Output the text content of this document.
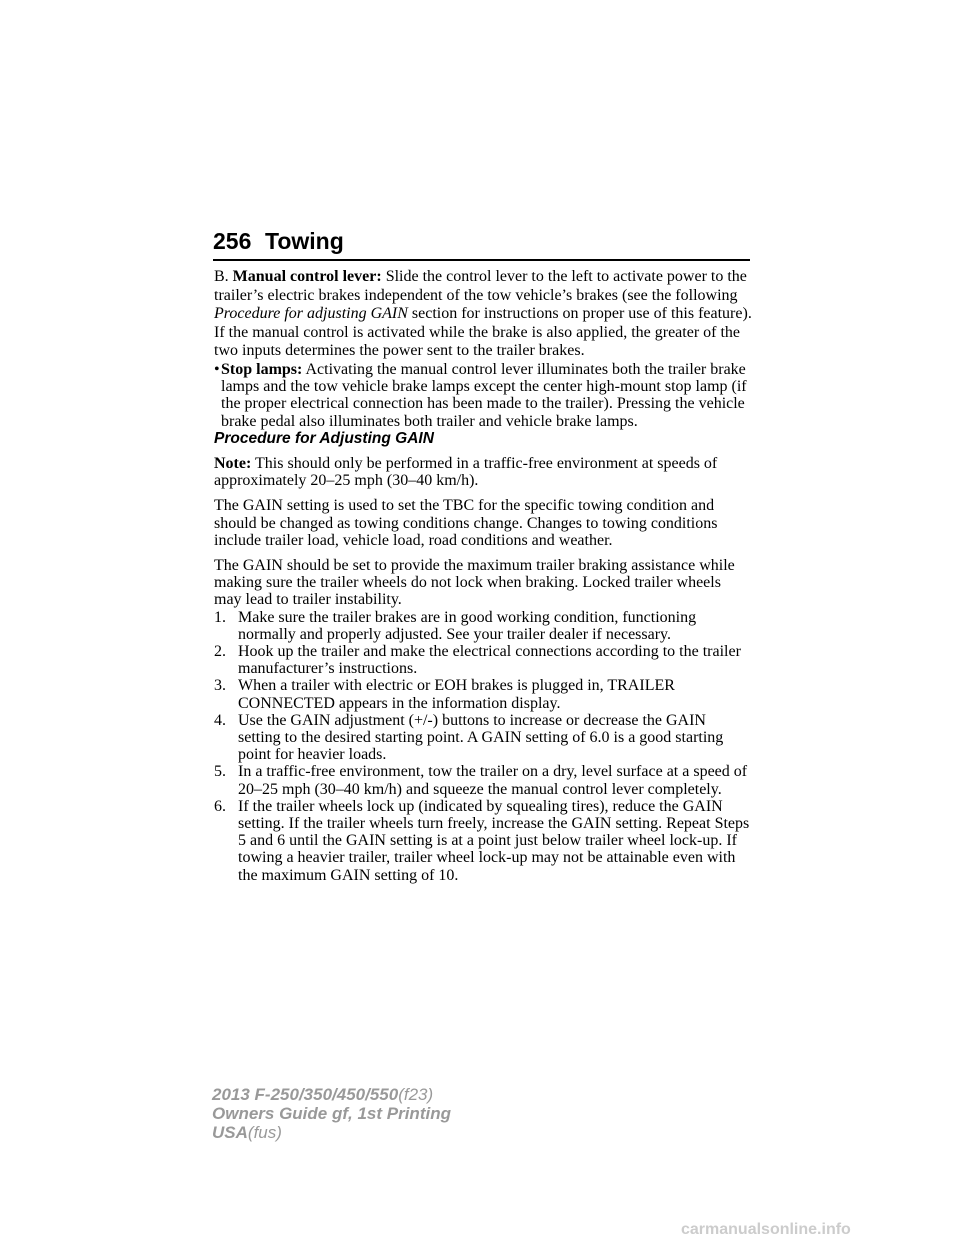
256 Towing

B. Manual control lever: Slide the control lever to the left to activate power to the trailer’s electric brakes independent of the tow vehicle’s brakes (see the following Procedure for adjusting GAIN section for instructions on proper use of this feature). If the manual control is activated while the brake is also applied, the greater of the two inputs determines the power sent to the trailer brakes.

• Stop lamps: Activating the manual control lever illuminates both the trailer brake lamps and the tow vehicle brake lamps except the center high-mount stop lamp (if the proper electrical connection has been made to the trailer). Pressing the vehicle brake pedal also illuminates both trailer and vehicle brake lamps.

Procedure for Adjusting GAIN

Note: This should only be performed in a traffic-free environment at speeds of approximately 20–25 mph (30–40 km/h).

The GAIN setting is used to set the TBC for the specific towing condition and should be changed as towing conditions change. Changes to towing conditions include trailer load, vehicle load, road conditions and weather.

The GAIN should be set to provide the maximum trailer braking assistance while making sure the trailer wheels do not lock when braking. Locked trailer wheels may lead to trailer instability.

1. Make sure the trailer brakes are in good working condition, functioning normally and properly adjusted. See your trailer dealer if necessary.
2. Hook up the trailer and make the electrical connections according to the trailer manufacturer’s instructions.
3. When a trailer with electric or EOH brakes is plugged in, TRAILER CONNECTED appears in the information display.
4. Use the GAIN adjustment (+/-) buttons to increase or decrease the GAIN setting to the desired starting point. A GAIN setting of 6.0 is a good starting point for heavier loads.
5. In a traffic-free environment, tow the trailer on a dry, level surface at a speed of 20–25 mph (30–40 km/h) and squeeze the manual control lever completely.
6. If the trailer wheels lock up (indicated by squealing tires), reduce the GAIN setting. If the trailer wheels turn freely, increase the GAIN setting. Repeat Steps 5 and 6 until the GAIN setting is at a point just below trailer wheel lock-up. If towing a heavier trailer, trailer wheel lock-up may not be attainable even with the maximum GAIN setting of 10.
2013 F-250/350/450/550(f23)
Owners Guide gf, 1st Printing
USA(fus)
carmanualsonline.info
